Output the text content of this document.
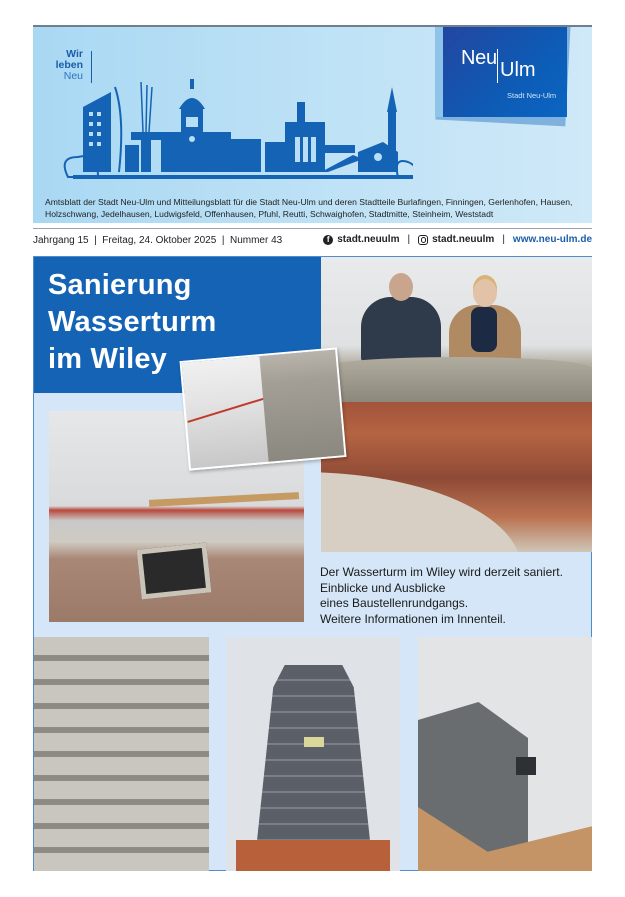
Wir
leben
Neu
Neu
Ulm
Stadt Neu-Ulm

Amtsblatt der Stadt Neu-Ulm und Mitteilungsblatt für die Stadt Neu-Ulm und deren Stadtteile Burlafingen, Finningen, Gerlenhofen, Hausen, Holzschwang, Jedelhausen, Ludwigsfeld, Offenhausen, Pfuhl, Reutti, Schwaighofen, Stadtmitte, Steinheim, Weststadt

Jahrgang 15  |  Freitag, 24. Oktober 2025  |  Nummer 43	f stadt.neuulm | stadt.neuulm | www.neu-ulm.de
Sanierung
Wasserturm
im Wiley
Der Wasserturm im Wiley wird derzeit saniert.
Einblicke und Ausblicke
eines Baustellenrundgangs.
Weitere Informationen im Innenteil.
